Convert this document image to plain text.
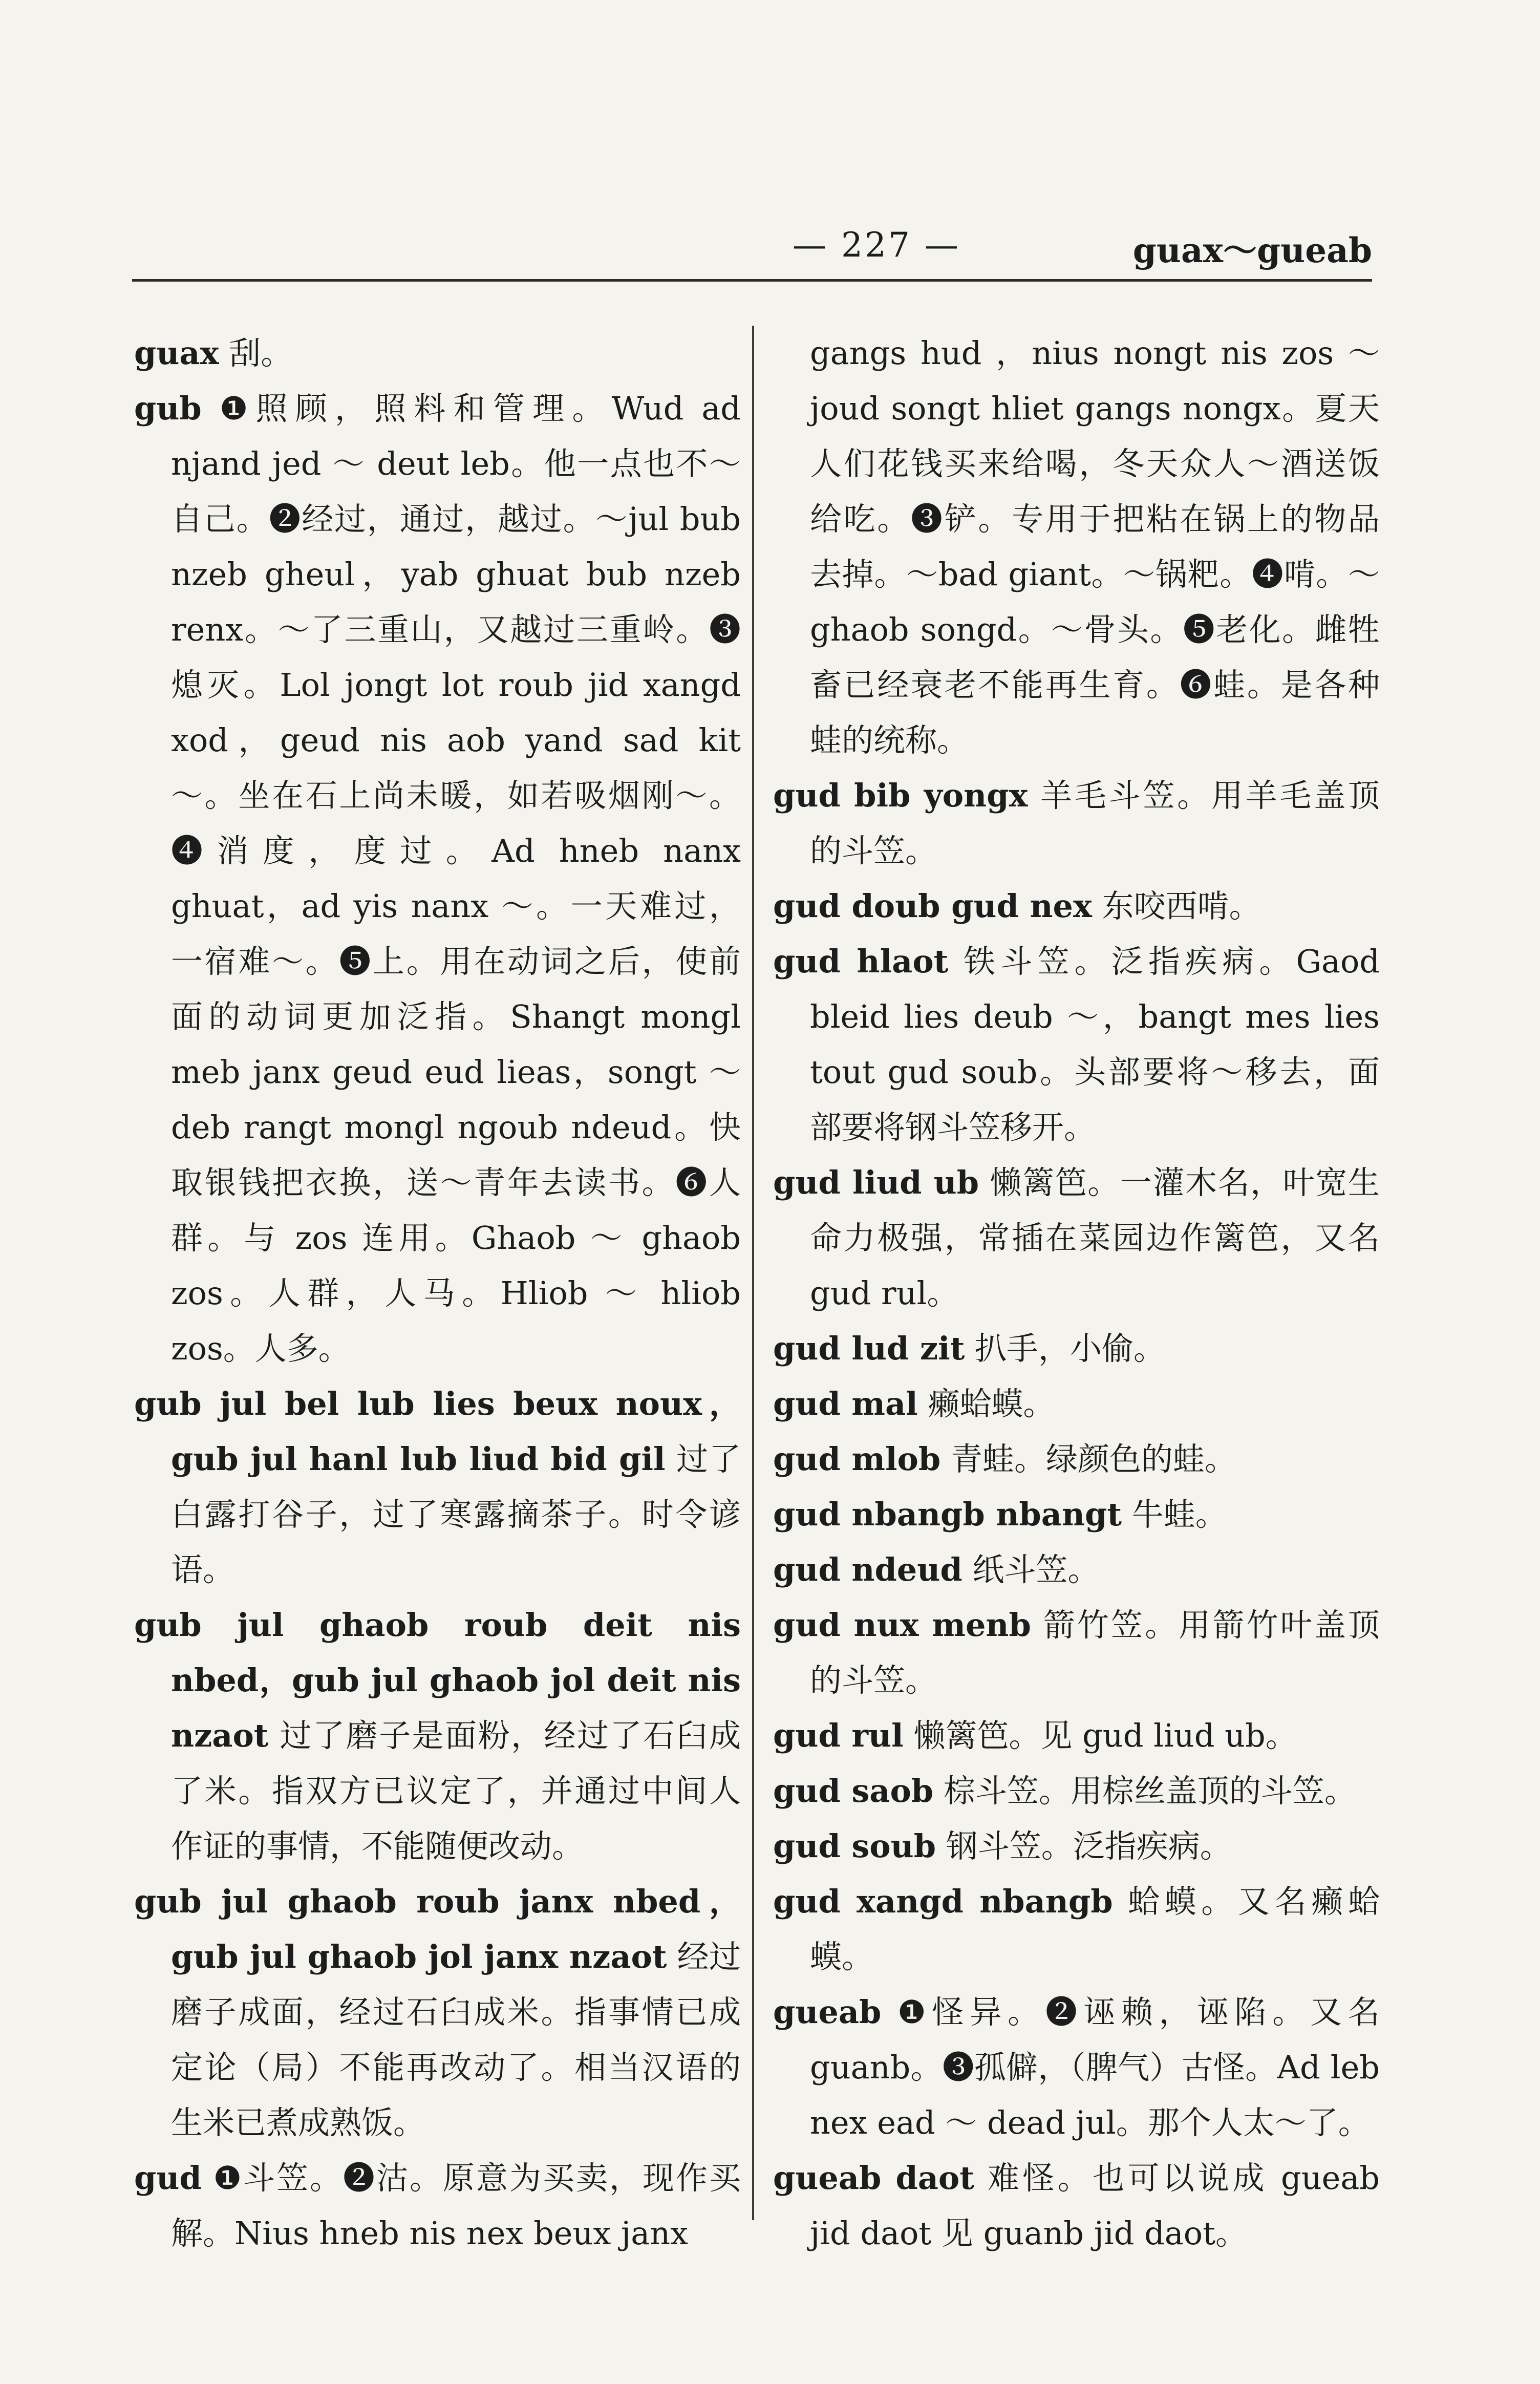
— 227 —	guax～gueab

guax 刮。

gub ❶照顾，照料和管理。Wud ad njand jed ～ deut leb。他一点也不～自己。❷经过，通过，越过。～jul bub nzeb gheul，yab ghuat bub nzeb renx。～了三重山，又越过三重岭。❸熄灭。Lol jongt lot roub jid xangd xod，geud nis aob yand sad kit ～。坐在石上尚未暖，如若吸烟刚～。❹消度，度过。Ad hneb nanx ghuat，ad yis nanx ～。一天难过，一宿难～。❺上。用在动词之后，使前面的动词更加泛指。Shangt mongl meb janx geud eud lieas，songt ～ deb rangt mongl ngoub ndeud。快取银钱把衣换，送～青年去读书。❻人群。与 zos 连用。Ghaob ～ ghaob zos。人群，人马。Hliob ～ hliob zos。人多。

gub jul bel lub lies beux noux，gub jul hanl lub liud bid gil 过了白露打谷子，过了寒露摘茶子。时令谚语。

gub jul ghaob roub deit nis nbed，gub jul ghaob jol deit nis nzaot 过了磨子是面粉，经过了石臼成了米。指双方已议定了，并通过中间人作证的事情，不能随便改动。

gub jul ghaob roub janx nbed，gub jul ghaob jol janx nzaot 经过磨子成面，经过石臼成米。指事情已成定论（局）不能再改动了。相当汉语的生米已煮成熟饭。

gud ❶斗笠。❷沽。原意为买卖，现作买解。Nius hneb nis nex beux janx

gangs hud ，nius nongt nis zos ～ joud songt hliet gangs nongx。夏天人们花钱买来给喝，冬天众人～酒送饭给吃。❸铲。专用于把粘在锅上的物品去掉。～bad giant。～锅粑。❹啃。～ghaob songd。～骨头。❺老化。雌牲畜已经衰老不能再生育。❻蛙。是各种蛙的统称。

gud bib yongx 羊毛斗笠。用羊毛盖顶的斗笠。

gud doub gud nex 东咬西啃。

gud hlaot 铁斗笠。泛指疾病。Gaod bleid lies deub ～，bangt mes lies tout gud soub。头部要将～移去，面部要将钢斗笠移开。

gud liud ub 懒篱笆。一灌木名，叶宽生命力极强，常插在菜园边作篱笆，又名 gud rul。

gud lud zit 扒手，小偷。

gud mal 癞蛤蟆。

gud mlob 青蛙。绿颜色的蛙。

gud nbangb nbangt 牛蛙。

gud ndeud 纸斗笠。

gud nux menb 箭竹笠。用箭竹叶盖顶的斗笠。

gud rul 懒篱笆。见 gud liud ub。

gud saob 棕斗笠。用棕丝盖顶的斗笠。

gud soub 钢斗笠。泛指疾病。

gud xangd nbangb 蛤蟆。又名癞蛤蟆。

gueab ❶怪异。❷诬赖，诬陷。又名 guanb。❸孤僻，（脾气）古怪。Ad leb nex ead ～ dead jul。那个人太～了。

gueab daot 难怪。也可以说成 gueab jid daot 见 guanb jid daot。
